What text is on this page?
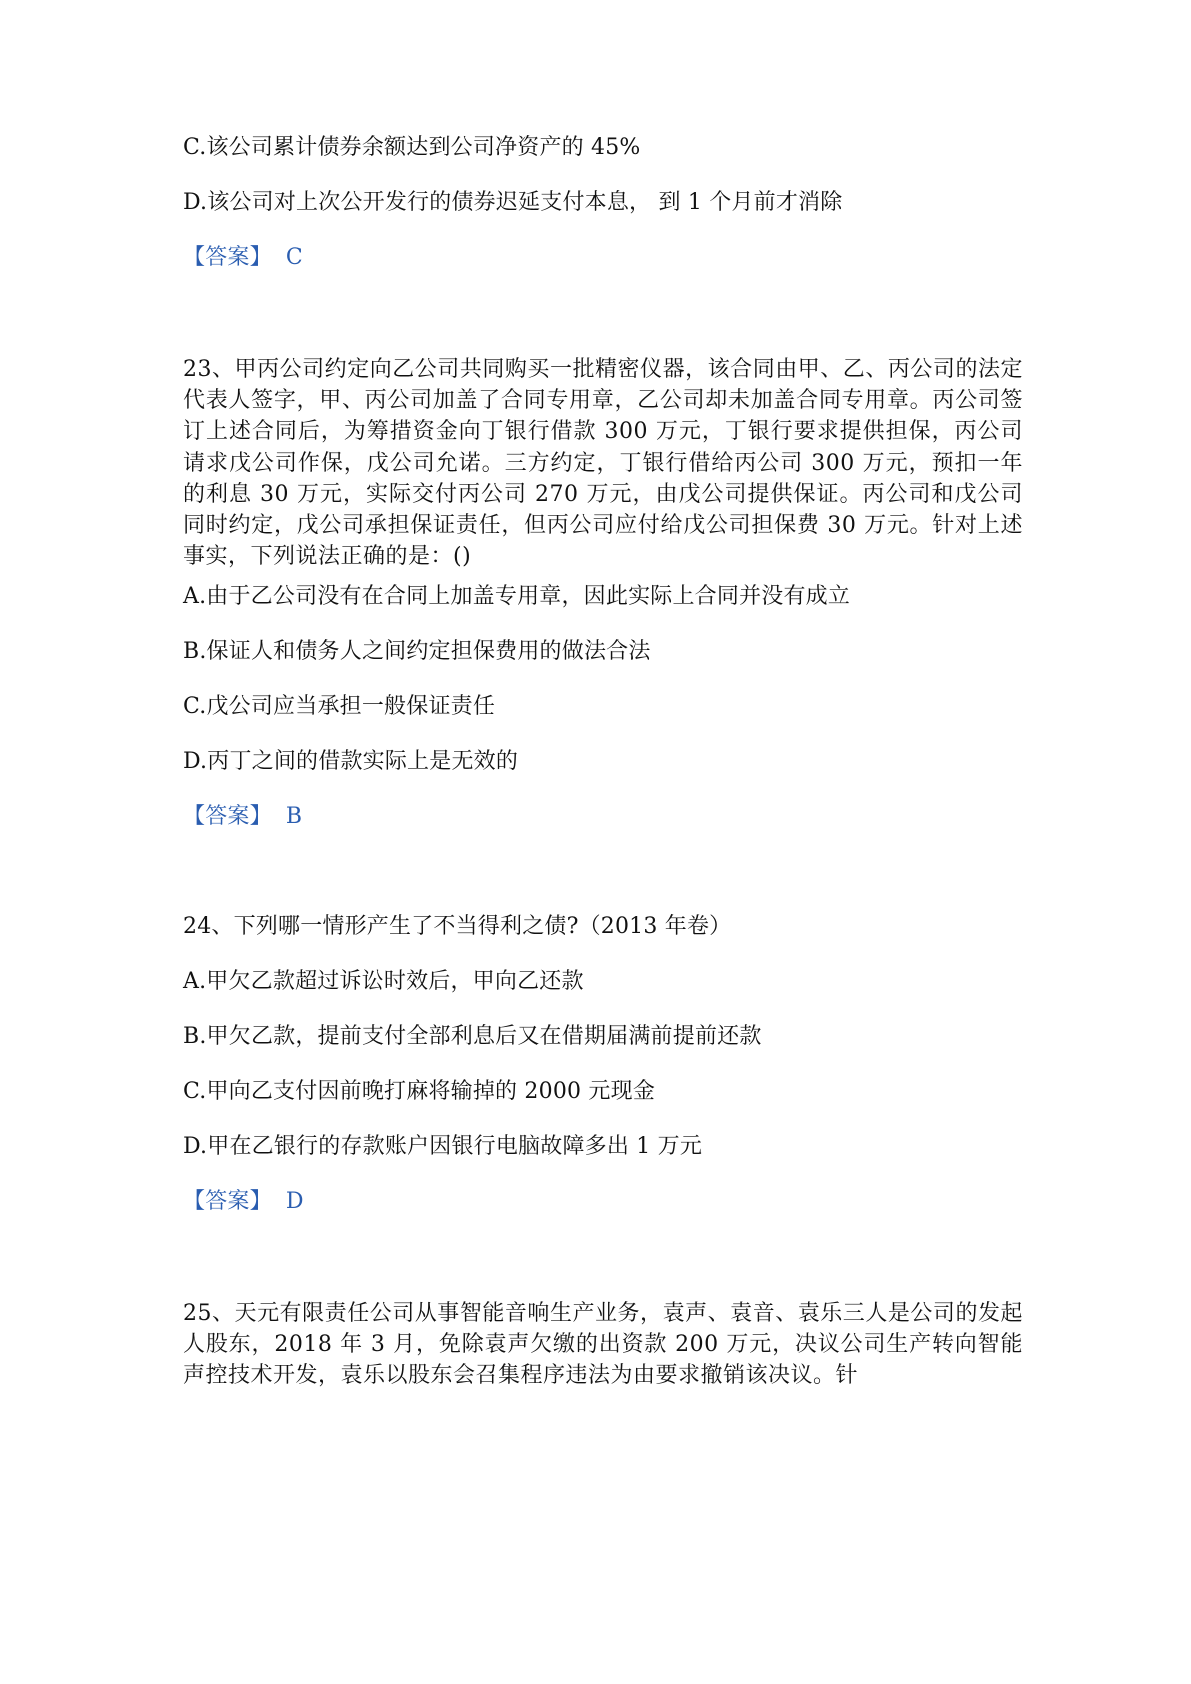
C.该公司累计债券余额达到公司净资产的 45%
D.该公司对上次公开发行的债券迟延支付本息， 到 1 个月前才消除
【答案】 C
23、甲丙公司约定向乙公司共同购买一批精密仪器，该合同由甲、乙、丙公司的法定代表人签字，甲、丙公司加盖了合同专用章，乙公司却未加盖合同专用章。丙公司签订上述合同后，为筹措资金向丁银行借款 300 万元，丁银行要求提供担保，丙公司请求戊公司作保，戊公司允诺。三方约定，丁银行借给丙公司 300 万元，预扣一年的利息 30 万元，实际交付丙公司 270 万元，由戊公司提供保证。丙公司和戊公司同时约定，戊公司承担保证责任，但丙公司应付给戊公司担保费 30 万元。针对上述事实，下列说法正确的是：()
A.由于乙公司没有在合同上加盖专用章，因此实际上合同并没有成立
B.保证人和债务人之间约定担保费用的做法合法
C.戊公司应当承担一般保证责任
D.丙丁之间的借款实际上是无效的
【答案】 B
24、下列哪一情形产生了不当得利之债?（2013 年卷）
A.甲欠乙款超过诉讼时效后，甲向乙还款
B.甲欠乙款，提前支付全部利息后又在借期届满前提前还款
C.甲向乙支付因前晚打麻将输掉的 2000 元现金
D.甲在乙银行的存款账户因银行电脑故障多出 1 万元
【答案】 D
25、天元有限责任公司从事智能音响生产业务，袁声、袁音、袁乐三人是公司的发起人股东，2018 年 3 月，免除袁声欠缴的出资款 200 万元，决议公司生产转向智能声控技术开发，袁乐以股东会召集程序违法为由要求撤销该决议。针
